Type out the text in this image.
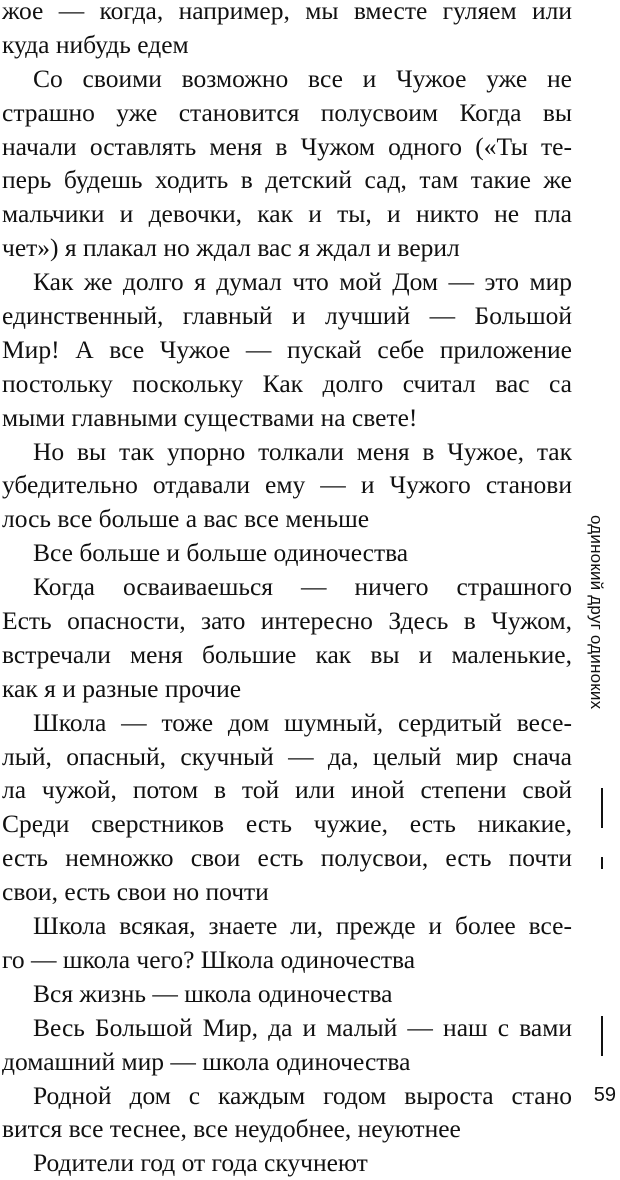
жое — когда, например, мы вместе гуляем или
куда нибудь едем
Со своими возможно все и Чужое уже не
страшно уже становится полусвоим Когда вы
начали оставлять меня в Чужом одного («Ты те-
перь будешь ходить в детский сад, там такие же
мальчики и девочки, как и ты, и никто не пла
чет») я плакал но ждал вас я ждал и верил
Как же долго я думал что мой Дом — это мир
единственный, главный и лучший — Большой
Мир! А все Чужое — пускай себе приложение
постольку поскольку Как долго считал вас са
мыми главными существами на свете!
Но вы так упорно толкали меня в Чужое, так
убедительно отдавали ему — и Чужого станови
лось все больше а вас все меньше
Все больше и больше одиночества
Когда осваиваешься — ничего страшного
Есть опасности, зато интересно Здесь в Чужом,
встречали меня большие как вы и маленькие,
как я и разные прочие
Школа — тоже дом шумный, сердитый весе-
лый, опасный, скучный — да, целый мир снача
ла чужой, потом в той или иной степени свой
Среди сверстников есть чужие, есть никакие,
есть немножко свои есть полусвои, есть почти
свои, есть свои но почти
Школа всякая, знаете ли, прежде и более все-
го — школа чего? Школа одиночества
Вся жизнь — школа одиночества
Весь Большой Мир, да и малый — наш с вами
домашний мир — школа одиночества
Родной дом с каждым годом выроста стано
вится все теснее, все неудобнее, неуютнее
Родители год от года скучнеют
одинокий друг одиноких
59
